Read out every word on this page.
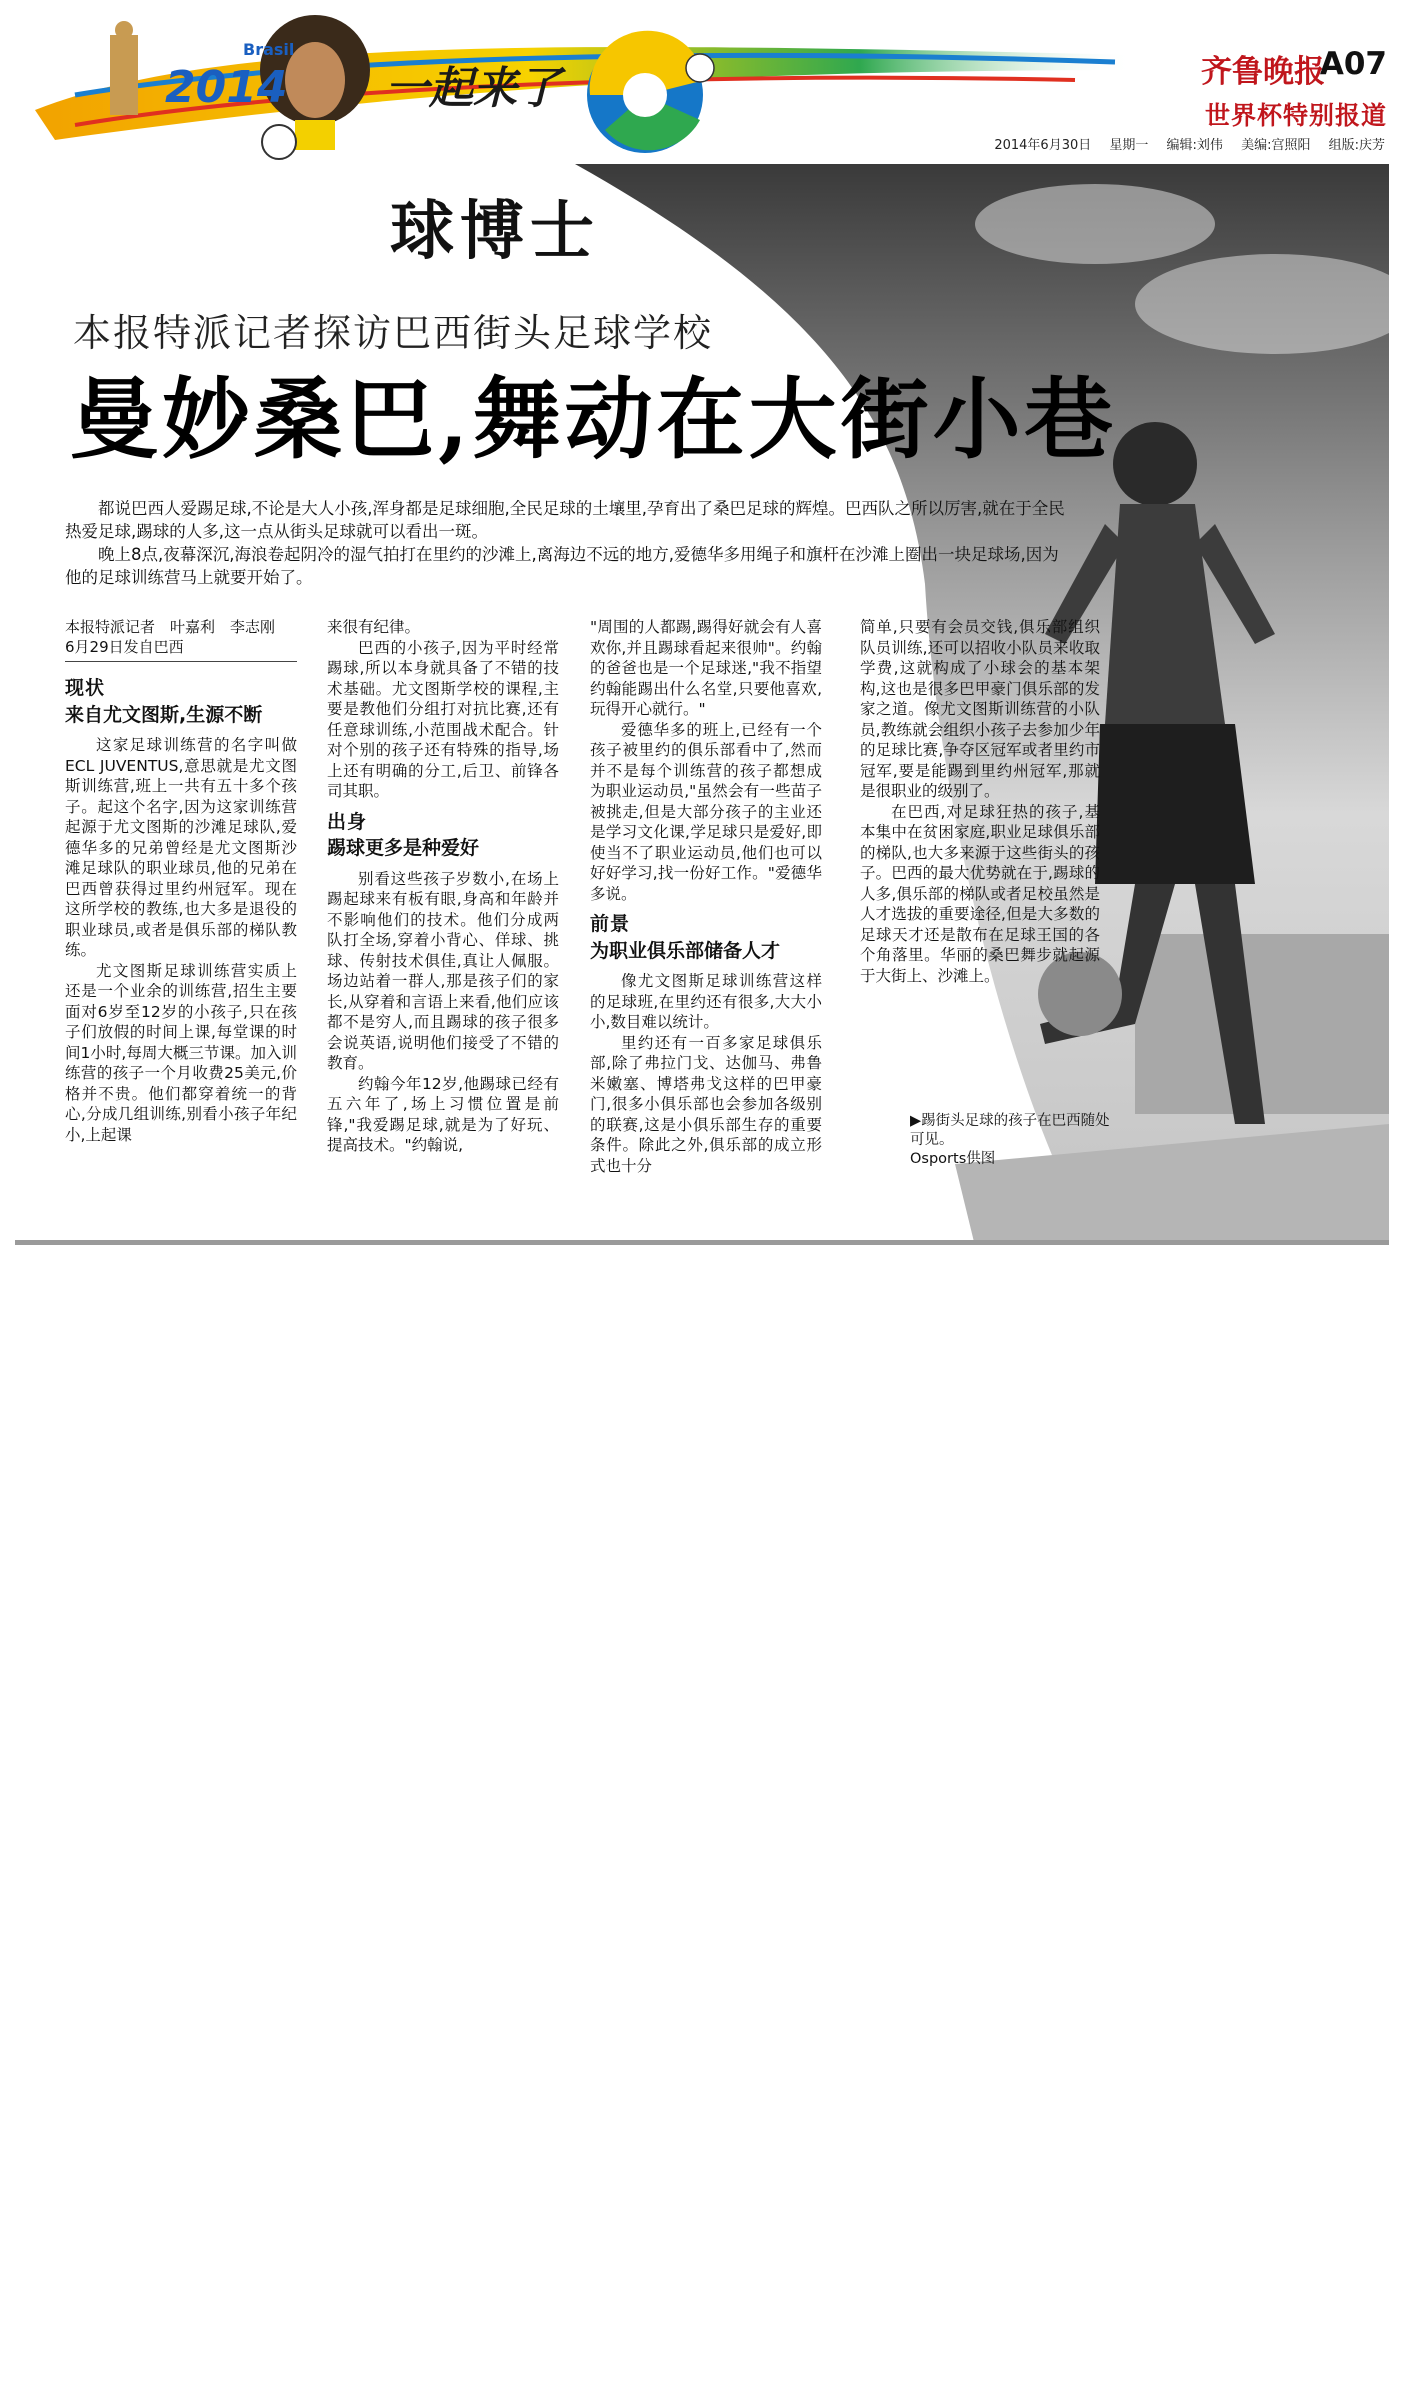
2014
Brasil
一起来了
球博士
齐鲁晚报
A07
世界杯特别报道
2014年6月30日 星期一 编辑:刘伟 美编:宫照阳 组版:庆芳
本报特派记者探访巴西街头足球学校
曼妙桑巴,舞动在大街小巷

都说巴西人爱踢足球,不论是大人小孩,浑身都是足球细胞,全民足球的土壤里,孕育出了桑巴足球的辉煌。巴西队之所以厉害,就在于全民热爱足球,踢球的人多,这一点从街头足球就可以看出一斑。

晚上8点,夜幕深沉,海浪卷起阴冷的湿气拍打在里约的沙滩上,离海边不远的地方,爱德华多用绳子和旗杆在沙滩上圈出一块足球场,因为他的足球训练营马上就要开始了。

本报特派记者　叶嘉利　李志刚
6月29日发自巴西
现状
来自尤文图斯,生源不断

这家足球训练营的名字叫做ECL JUVENTUS,意思就是尤文图斯训练营,班上一共有五十多个孩子。起这个名字,因为这家训练营起源于尤文图斯的沙滩足球队,爱德华多的兄弟曾经是尤文图斯沙滩足球队的职业球员,他的兄弟在巴西曾获得过里约州冠军。现在这所学校的教练,也大多是退役的职业球员,或者是俱乐部的梯队教练。

尤文图斯足球训练营实质上还是一个业余的训练营,招生主要面对6岁至12岁的小孩子,只在孩子们放假的时间上课,每堂课的时间1小时,每周大概三节课。加入训练营的孩子一个月收费25美元,价格并不贵。他们都穿着统一的背心,分成几组训练,别看小孩子年纪小,上起课

来很有纪律。

巴西的小孩子,因为平时经常踢球,所以本身就具备了不错的技术基础。尤文图斯学校的课程,主要是教他们分组打对抗比赛,还有任意球训练,小范围战术配合。针对个别的孩子还有特殊的指导,场上还有明确的分工,后卫、前锋各司其职。

出身
踢球更多是种爱好

别看这些孩子岁数小,在场上踢起球来有板有眼,身高和年龄并不影响他们的技术。他们分成两队打全场,穿着小背心、佯球、挑球、传射技术俱佳,真让人佩服。场边站着一群人,那是孩子们的家长,从穿着和言语上来看,他们应该都不是穷人,而且踢球的孩子很多会说英语,说明他们接受了不错的教育。

约翰今年12岁,他踢球已经有五六年了,场上习惯位置是前锋,"我爱踢足球,就是为了好玩、提高技术。"约翰说,

"周围的人都踢,踢得好就会有人喜欢你,并且踢球看起来很帅"。约翰的爸爸也是一个足球迷,"我不指望约翰能踢出什么名堂,只要他喜欢,玩得开心就行。"

爱德华多的班上,已经有一个孩子被里约的俱乐部看中了,然而并不是每个训练营的孩子都想成为职业运动员,"虽然会有一些苗子被挑走,但是大部分孩子的主业还是学习文化课,学足球只是爱好,即使当不了职业运动员,他们也可以好好学习,找一份好工作。"爱德华多说。

前景
为职业俱乐部储备人才

像尤文图斯足球训练营这样的足球班,在里约还有很多,大大小小,数目难以统计。

里约还有一百多家足球俱乐部,除了弗拉门戈、达伽马、弗鲁米嫩塞、博塔弗戈这样的巴甲豪门,很多小俱乐部也会参加各级别的联赛,这是小俱乐部生存的重要条件。除此之外,俱乐部的成立形式也十分

简单,只要有会员交钱,俱乐部组织队员训练,还可以招收小队员来收取学费,这就构成了小球会的基本架构,这也是很多巴甲豪门俱乐部的发家之道。像尤文图斯训练营的小队员,教练就会组织小孩子去参加少年的足球比赛,争夺区冠军或者里约市冠军,要是能踢到里约州冠军,那就是很职业的级别了。

在巴西,对足球狂热的孩子,基本集中在贫困家庭,职业足球俱乐部的梯队,也大多来源于这些街头的孩子。巴西的最大优势就在于,踢球的人多,俱乐部的梯队或者足校虽然是人才选拔的重要途径,但是大多数的足球天才还是散布在足球王国的各个角落里。华丽的桑巴舞步就起源于大街上、沙滩上。

▶踢街头足球的孩子在巴西随处可见。
Osports供图
